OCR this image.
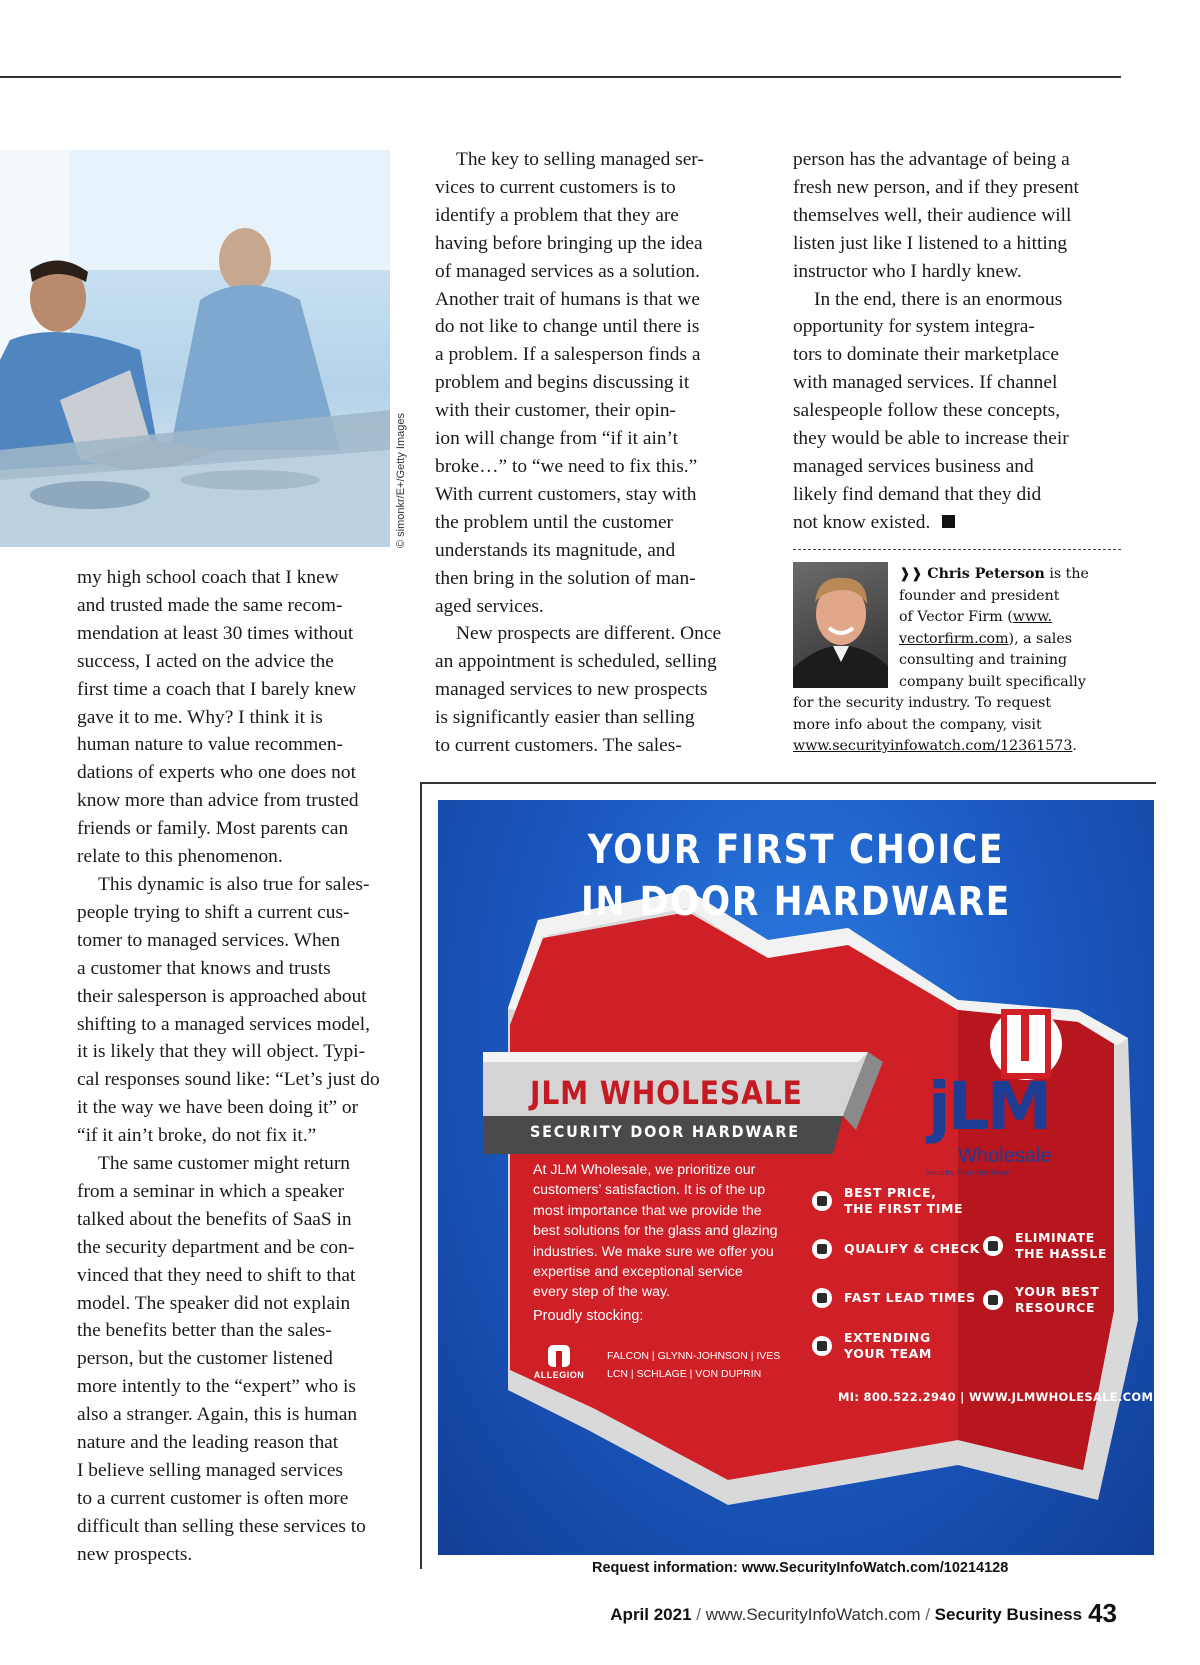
© simonkr/E+/Getty Images

my high school coach that I knew

and trusted made the same recom-

mendation at least 30 times without

success, I acted on the advice the

first time a coach that I barely knew

gave it to me. Why? I think it is

human nature to value recommen-

dations of experts who one does not

know more than advice from trusted

friends or family. Most parents can

relate to this phenomenon.

This dynamic is also true for sales-

people trying to shift a current cus-

tomer to managed services. When

a customer that knows and trusts

their salesperson is approached about

shifting to a managed services model,

it is likely that they will object. Typi-

cal responses sound like: “Let’s just do

it the way we have been doing it” or

“if it ain’t broke, do not fix it.”

The same customer might return

from a seminar in which a speaker

talked about the benefits of SaaS in

the security department and be con-

vinced that they need to shift to that

model. The speaker did not explain

the benefits better than the sales-

person, but the customer listened

more intently to the “expert” who is

also a stranger. Again, this is human

nature and the leading reason that

I believe selling managed services

to a current customer is often more

difficult than selling these services to

new prospects.

The key to selling managed ser-

vices to current customers is to

identify a problem that they are

having before bringing up the idea

of managed services as a solution.

Another trait of humans is that we

do not like to change until there is

a problem. If a salesperson finds a

problem and begins discussing it

with their customer, their opin-

ion will change from “if it ain’t

broke…” to “we need to fix this.”

With current customers, stay with

the problem until the customer

understands its magnitude, and

then bring in the solution of man-

aged services.

New prospects are different. Once

an appointment is scheduled, selling

managed services to new prospects

is significantly easier than selling

to current customers. The sales-

person has the advantage of being a

fresh new person, and if they present

themselves well, their audience will

listen just like I listened to a hitting

instructor who I hardly knew.

In the end, there is an enormous

opportunity for system integra-

tors to dominate their marketplace

with managed services. If channel

salespeople follow these concepts,

they would be able to increase their

managed services business and

likely find demand that they did

not know existed.

❱❱ Chris Peterson is the

founder and president

of Vector Firm (www.

vectorfirm.com), a sales

consulting and training

company built specifically

for the security industry. To request

more info about the company, visit

www.securityinfowatch.com/12361573.

YOUR FIRST CHOICE
IN DOOR HARDWARE
JLM WHOLESALE
SECURITY DOOR HARDWARE jLM
Wholesale
Security Door Hardware

At JLM Wholesale, we prioritize our

customers’ satisfaction. It is of the up

most importance that we provide the

best solutions for the glass and glazing

industries. We make sure we offer you

expertise and exceptional service

every step of the way.

Proudly stocking:
ALLEGION
FALCON | GLYNN-JOHNSON | IVES
LCN | SCHLAGE | VON DUPRIN
BEST PRICE,
THE FIRST TIME
QUALIFY & CHECK
FAST LEAD TIMES
EXTENDING
YOUR TEAM
ELIMINATE
THE HASSLE
YOUR BEST
RESOURCE
MI: 800.522.2940 | WWW.JLMWHOLESALE.COM
Request information: www.SecurityInfoWatch.com/10214128
April 2021 / www.SecurityInfoWatch.com / Security Business 43
